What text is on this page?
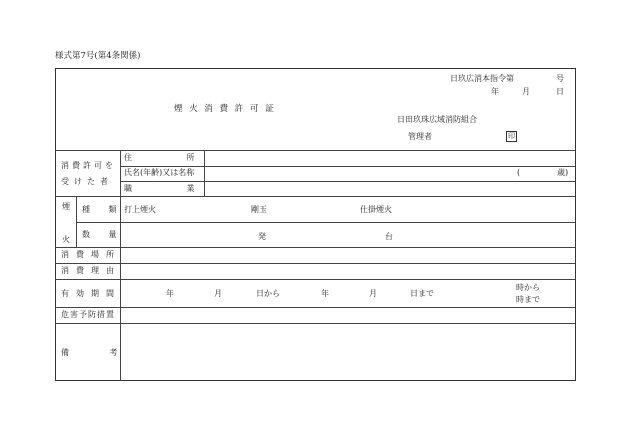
様式第7号(第4条関係)
日玖広消本指令第	号
年	月	日
煙 火 消 費 許 可 証
日田玖珠広域消防組合
管理者	印
消費許可を
受けた者
住 所
氏名(年齢)又は名称	(	歳)
職 業
煙
火
種 類 打上煙火	剛玉	仕掛煙火
数 量	発	台
消費場所
消費理由
有効期間	年	月	日から	年	月	日まで
時から
時まで
危害予防措置
備 考
